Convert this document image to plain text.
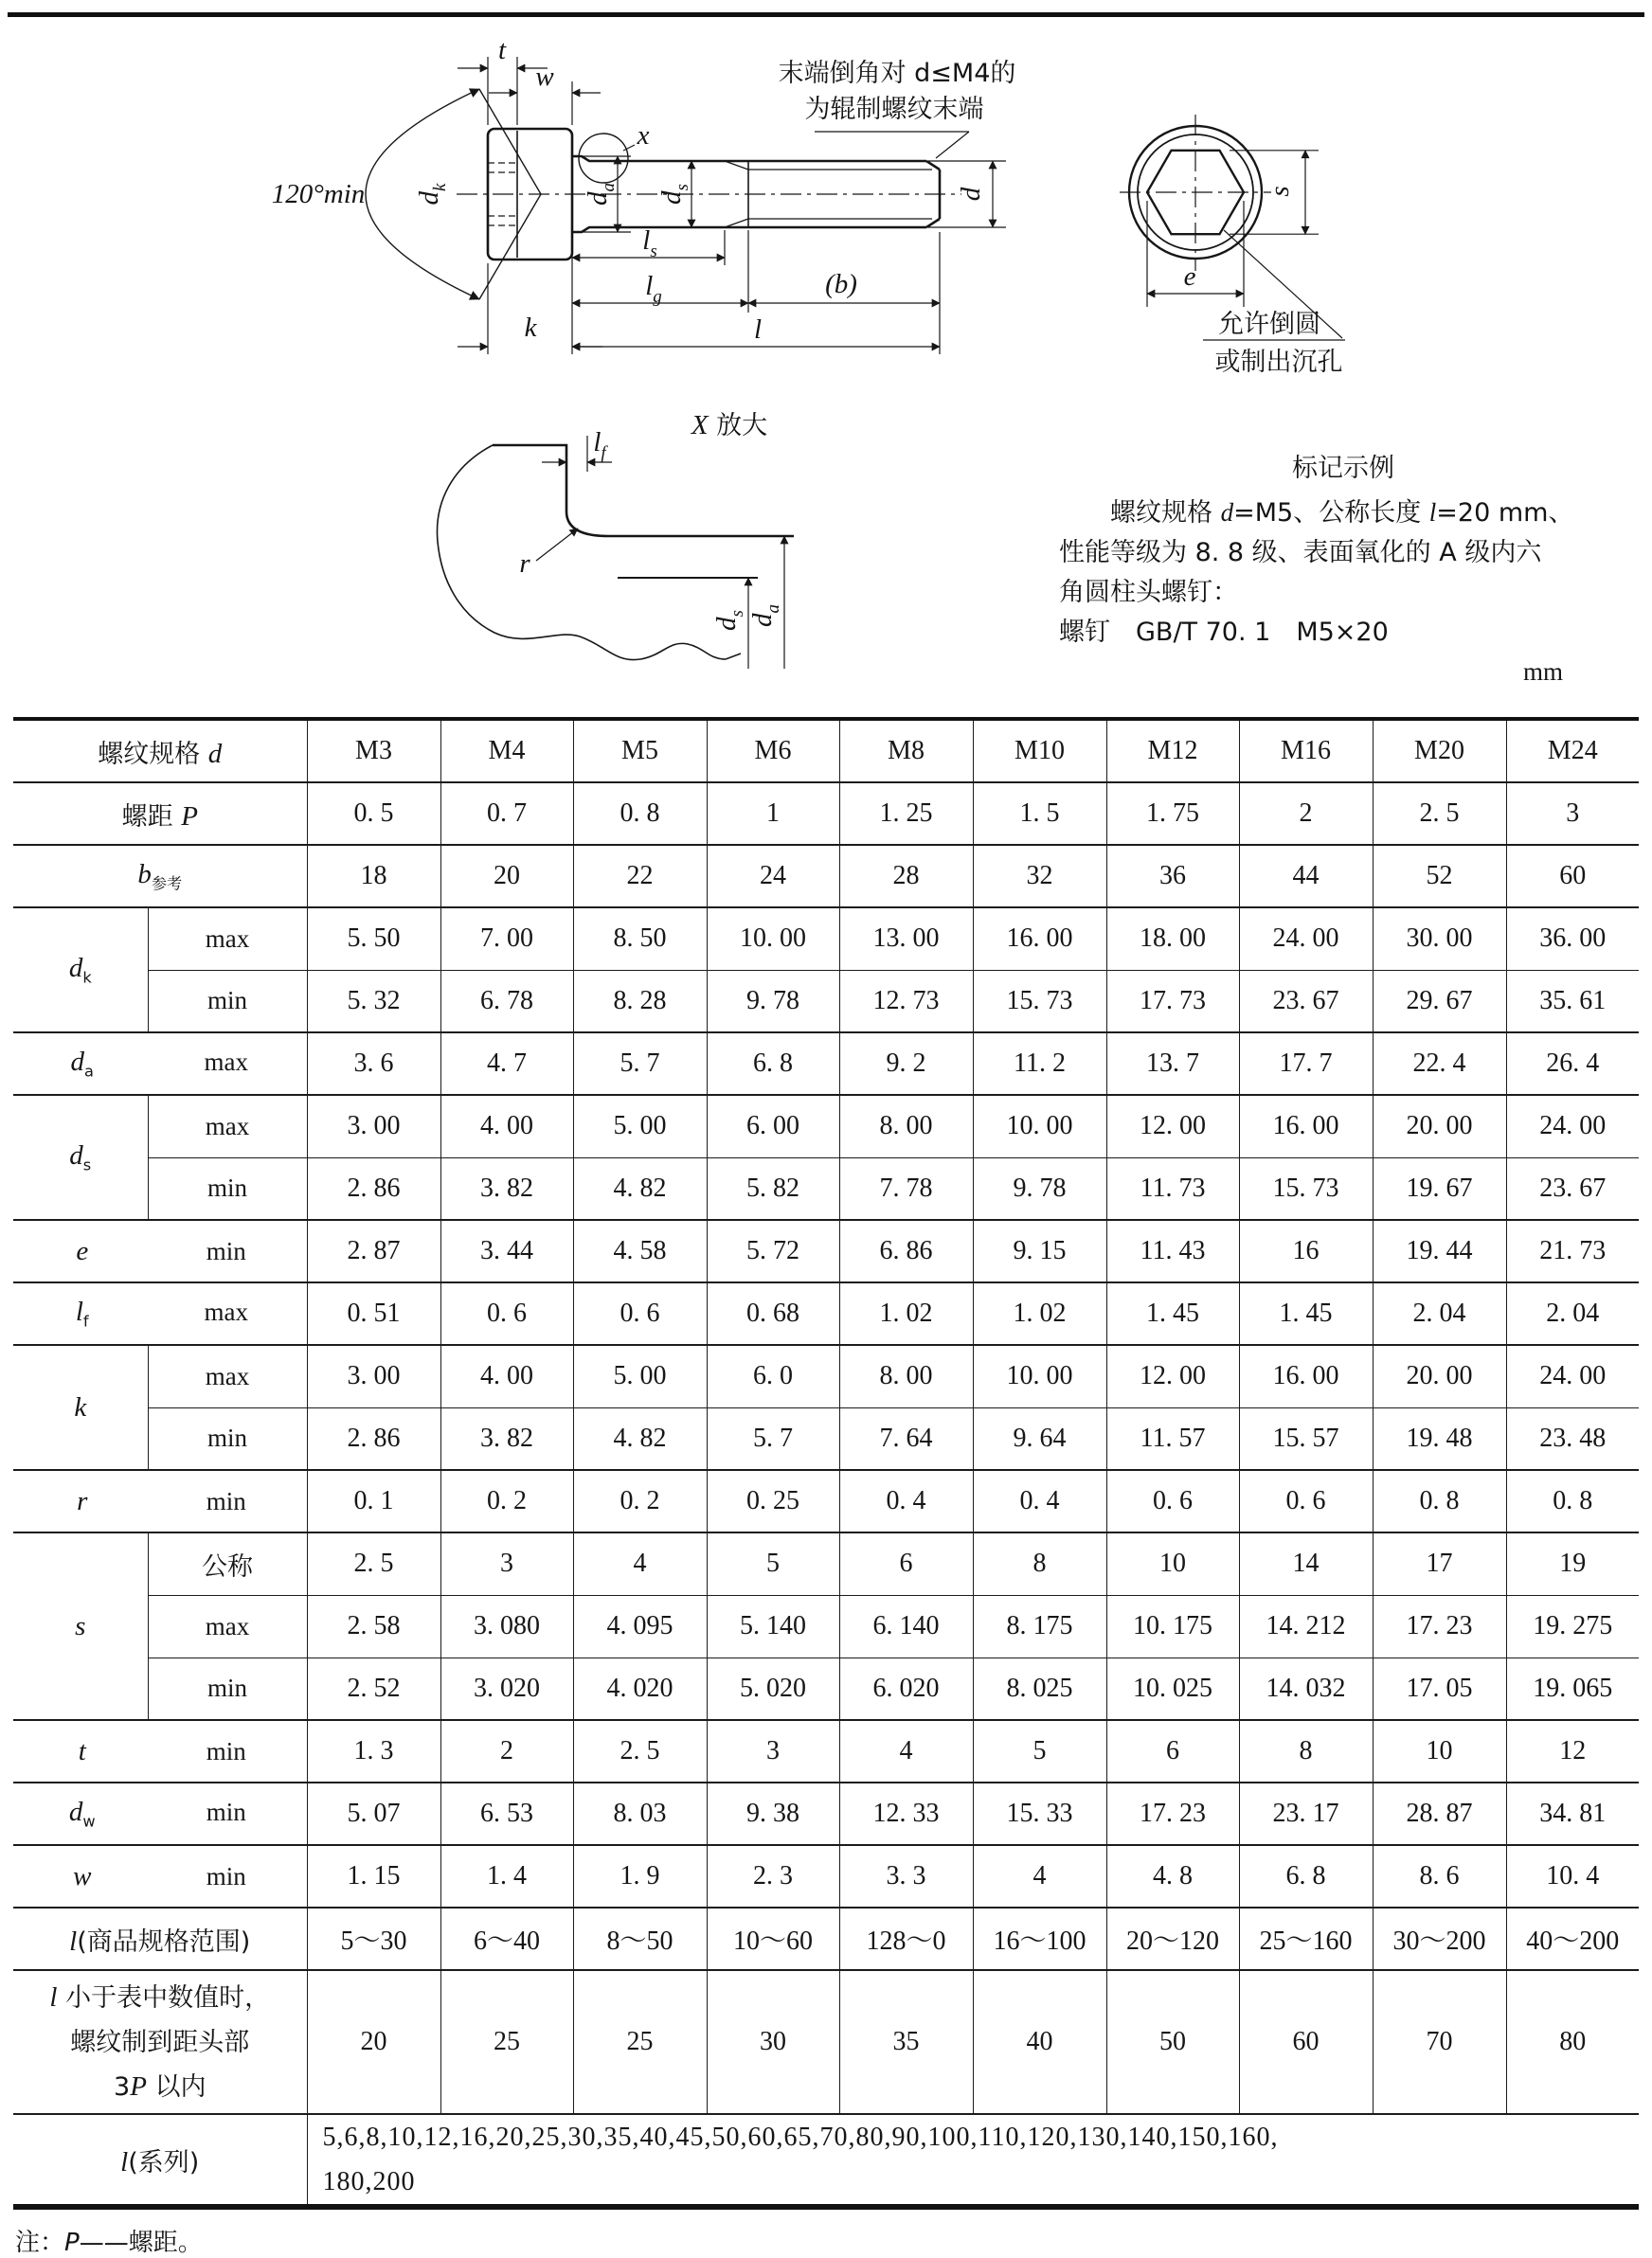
t
w
x
120°min $d_k$
$d_a$
$d_s$	d
$l_s$
$l_g$	(b)
l
k
s
e
$l_f$
r
$d_s$ $d_a$
末端倒角对 d≤M4的
为辊制螺纹末端
允许倒圆
或制出沉孔
X 放大
标记示例
螺纹规格 d=M5、公称长度 l=20 mm、
性能等级为 8. 8 级、表面氧化的 A 级内六
角圆柱头螺钉：
螺钉　GB/T 70. 1　M5×20
mm
螺纹规格 d		M3	M4	M5	M6	M8	M10	M12	M16	M20	M24
螺距 P		0. 5	0. 7	0. 8	1	1. 25	1. 5	1. 75	2	2. 5	3
$b_{参考}$		18	20	22	24	28	32	36	44	52	60
$d_k$	max	5. 50	7. 00	8. 50	10. 00	13. 00	16. 00	18. 00	24. 00	30. 00	36. 00
	min	5. 32	6. 78	8. 28	9. 78	12. 73	15. 73	17. 73	23. 67	29. 67	35. 61
$d_a$ max		3. 6	4. 7	5. 7	6. 8	9. 2	11. 2	13. 7	17. 7	22. 4	26. 4
$d_s$	max	3. 00	4. 00	5. 00	6. 00	8. 00	10. 00	12. 00	16. 00	20. 00	24. 00
	min	2. 86	3. 82	4. 82	5. 82	7. 78	9. 78	11. 73	15. 73	19. 67	23. 67
e min		2. 87	3. 44	4. 58	5. 72	6. 86	9. 15	11. 43	16	19. 44	21. 73
$l_f$ max		0. 51	0. 6	0. 6	0. 68	1. 02	1. 02	1. 45	1. 45	2. 04	2. 04
k	max	3. 00	4. 00	5. 00	6. 0	8. 00	10. 00	12. 00	16. 00	20. 00	24. 00
	min	2. 86	3. 82	4. 82	5. 7	7. 64	9. 64	11. 57	15. 57	19. 48	23. 48
r min		0. 1	0. 2	0. 2	0. 25	0. 4	0. 4	0. 6	0. 6	0. 8	0. 8
s	公称	2. 5	3	4	5	6	8	10	14	17	19
	max	2. 58	3. 080	4. 095	5. 140	6. 140	8. 175	10. 175	14. 212	17. 23	19. 275
	min	2. 52	3. 020	4. 020	5. 020	6. 020	8. 025	10. 025	14. 032	17. 05	19. 065
t min		1. 3	2	2. 5	3	4	5	6	8	10	12
$d_w$ min		5. 07	6. 53	8. 03	9. 38	12. 33	15. 33	17. 23	23. 17	28. 87	34. 81
w min		1. 15	1. 4	1. 9	2. 3	3. 3	4	4. 8	6. 8	8. 6	10. 4
l(商品规格范围)		5～30	6～40	8～50	10～60	128～0	16～100	20～120	25～160	30～200	40～200
l 小于表中数值时，
螺纹制到距头部
3P 以内		20	25	25	30	35	40	50	60	70	80
l(系列)		5,6,8,10,12,16,20,25,30,35,40,45,50,60,65,70,80,90,100,110,120,130,140,150,160,
180,200									
注：P——螺距。
